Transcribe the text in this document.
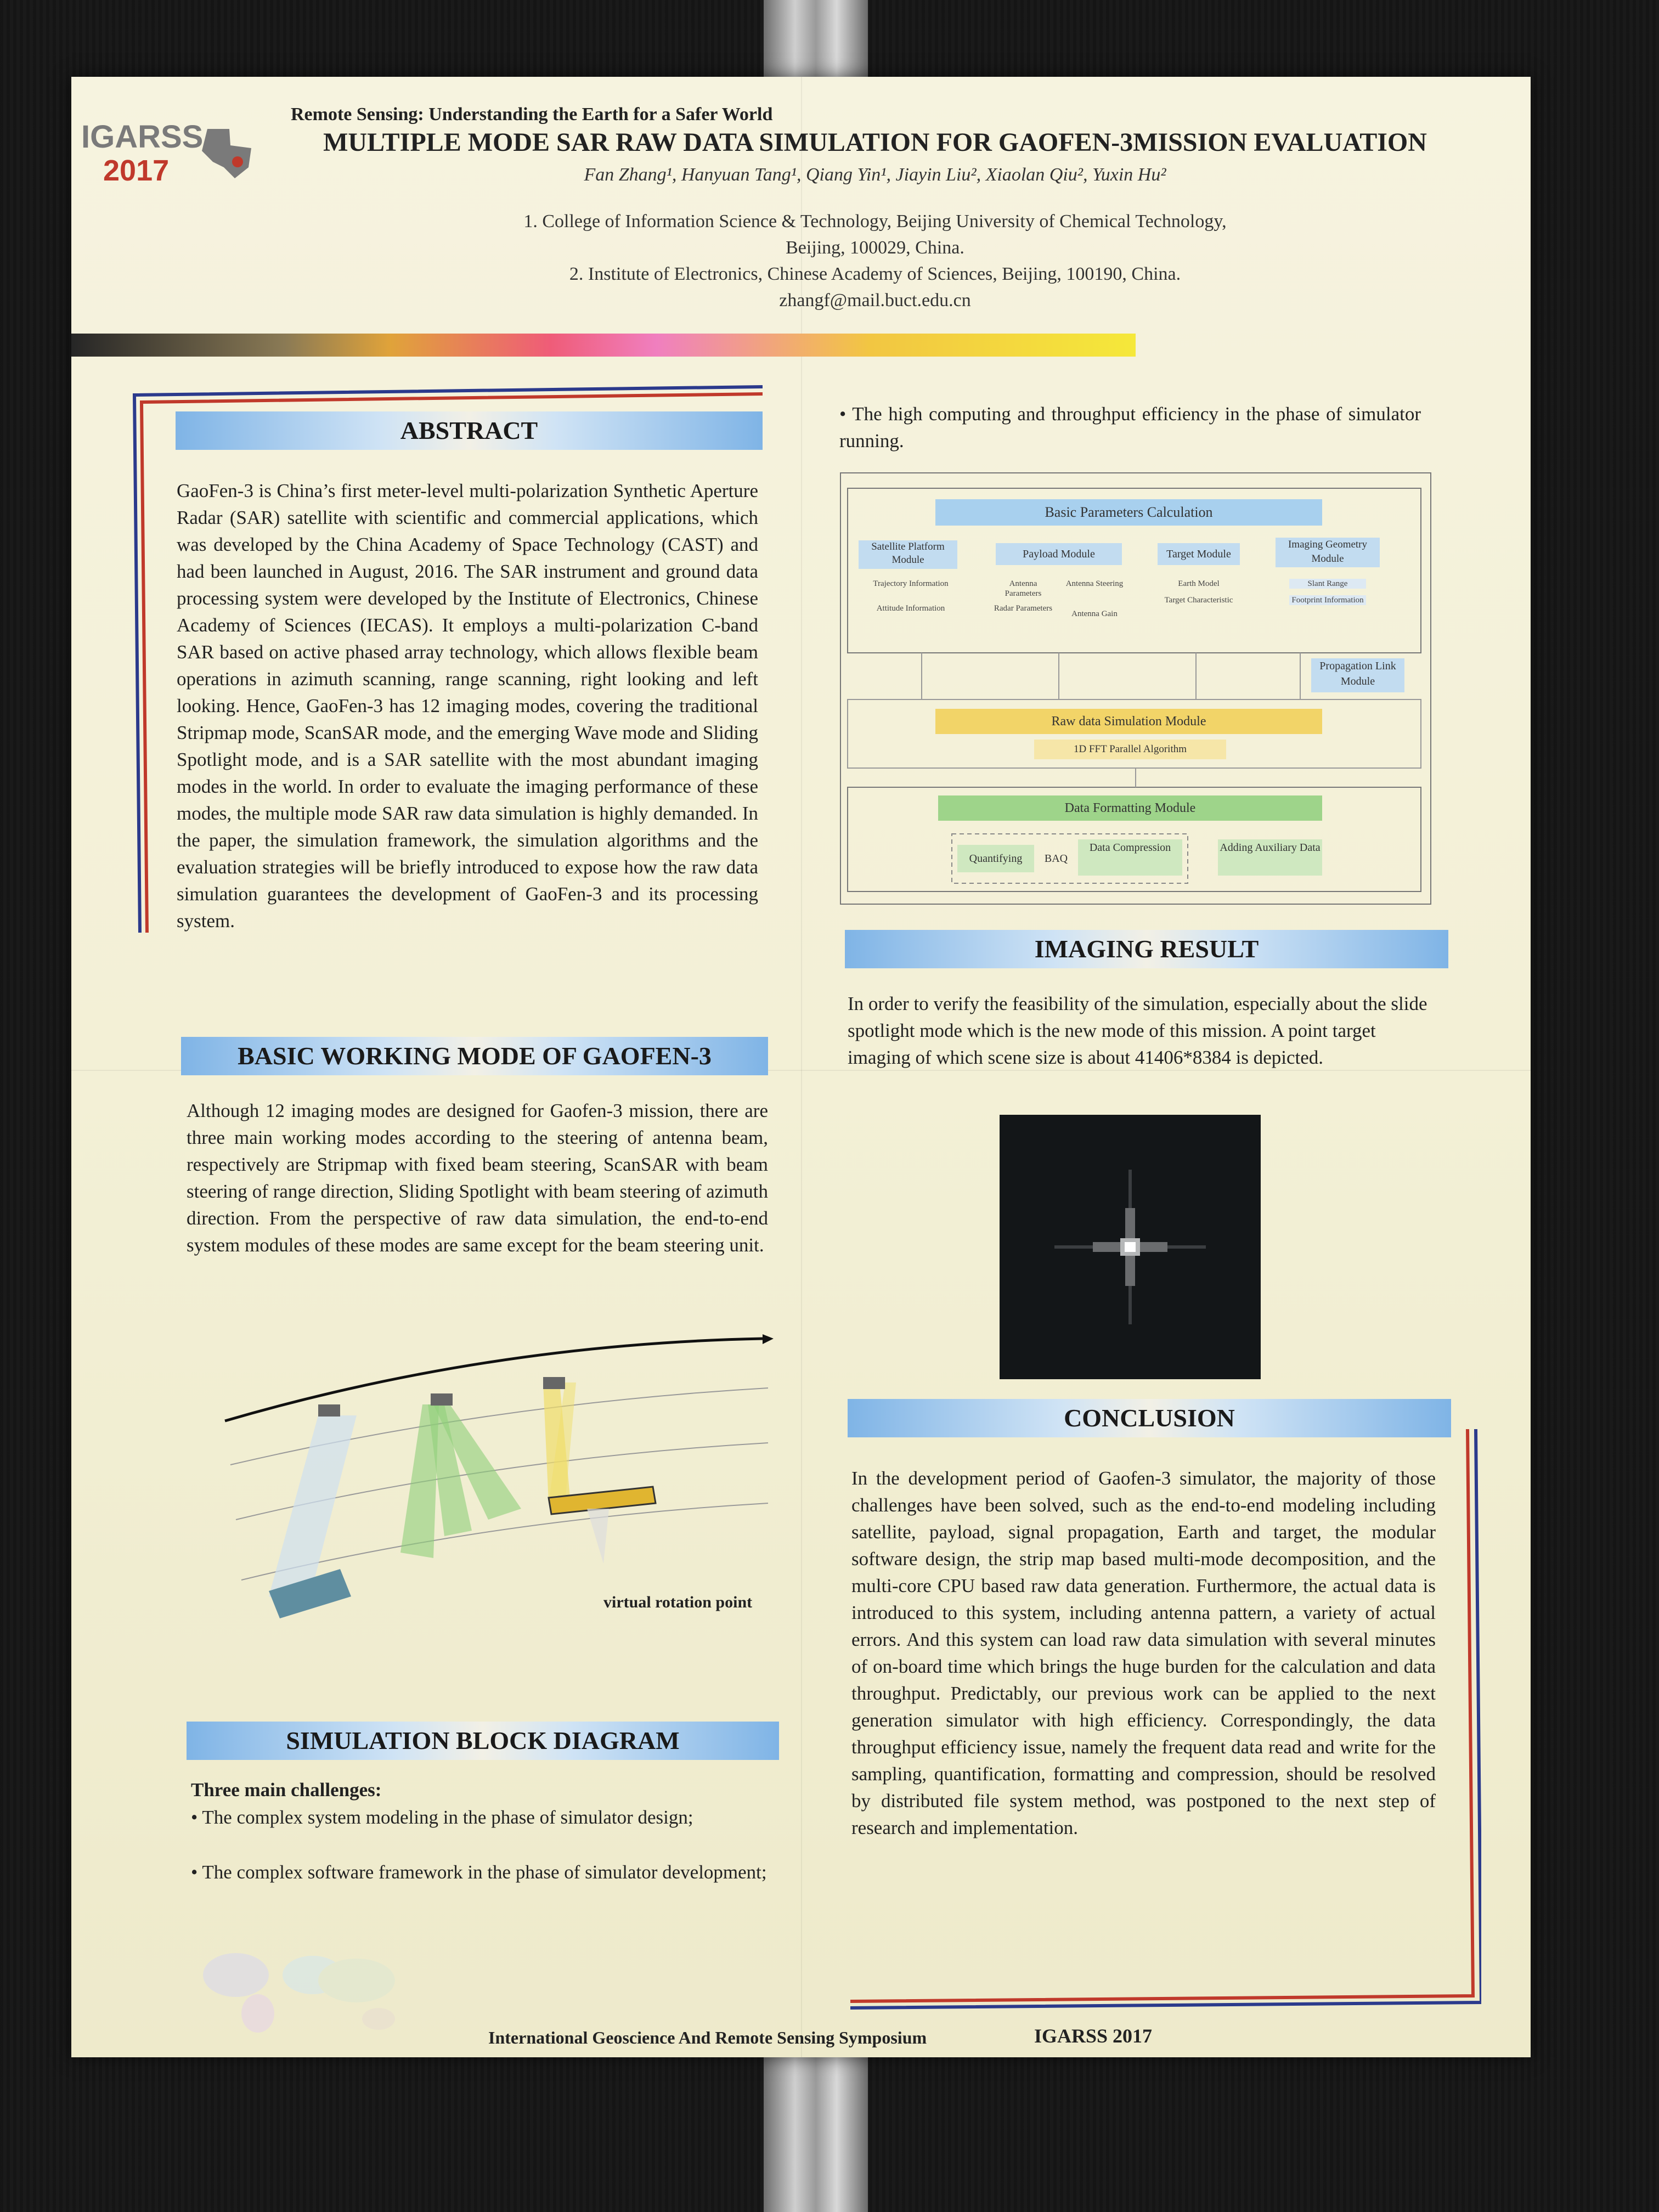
IGARSS
2017
Remote Sensing: Understanding the Earth for a Safer World
MULTIPLE MODE SAR RAW DATA SIMULATION FOR GAOFEN-3MISSION EVALUATION
Fan Zhang¹, Hanyuan Tang¹, Qiang Yin¹, Jiayin Liu², Xiaolan Qiu², Yuxin Hu²
1. College of Information Science & Technology, Beijing University of Chemical Technology,
Beijing, 100029, China.
2. Institute of Electronics, Chinese Academy of Sciences, Beijing, 100190, China.
zhangf@mail.buct.edu.cn
ABSTRACT
GaoFen-3 is China’s first meter-level multi-polarization Synthetic Aperture Radar (SAR) satellite with scientific and commercial applications, which was developed by the China Academy of Space Technology (CAST) and had been launched in August, 2016. The SAR instrument and ground data processing system were developed by the Institute of Electronics, Chinese Academy of Sciences (IECAS). It employs a multi-polarization C-band SAR based on active phased array technology, which allows flexible beam operations in azimuth scanning, range scanning, right looking and left looking. Hence, GaoFen-3 has 12 imaging modes, covering the traditional Stripmap mode, ScanSAR mode, and the emerging Wave mode and Sliding Spotlight mode, and is a SAR satellite with the most abundant imaging modes in the world. In order to evaluate the imaging performance of these modes, the multiple mode SAR raw data simulation is highly demanded. In the paper, the simulation framework, the simulation algorithms and the evaluation strategies will be briefly introduced to expose how the raw data simulation guarantees the development of GaoFen-3 and its processing system.
BASIC WORKING MODE OF GAOFEN-3
Although 12 imaging modes are designed for Gaofen-3 mission, there are three main working modes according to the steering of antenna beam, respectively are Stripmap with fixed beam steering, ScanSAR with beam steering of range direction, Sliding Spotlight with beam steering of azimuth direction. From the perspective of raw data simulation, the end-to-end system modules of these modes are same except for the beam steering unit.
virtual rotation point
SIMULATION BLOCK DIAGRAM
Three main challenges:
• The complex system modeling in the phase of simulator design;
• The complex software framework in the phase of simulator development;
• The high computing and throughput efficiency in the phase of simulator running.
Basic Parameters Calculation
Satellite Platform Module	Payload Module	Target Module
Imaging Geometry Module
Trajectory Information
Attitude Information
Antenna Parameters
Antenna Steering
Radar Parameters
Antenna Gain
Earth Model
Target Characteristic
Slant Range
Footprint Information
Propagation Link Module
Raw data Simulation Module
1D FFT Parallel Algorithm
Data Formatting Module
Quantifying	BAQ
Data Compression	Adding Auxiliary Data
IMAGING RESULT
In order to verify the feasibility of the simulation, especially about the slide spotlight mode which is the new mode of this mission. A point target imaging of which scene size is about 41406*8384 is depicted.
CONCLUSION
In the development period of Gaofen-3 simulator, the majority of those challenges have been solved, such as the end-to-end modeling including satellite, payload, signal propagation, Earth and target, the modular software design, the strip map based multi-mode decomposition, and the multi-core CPU based raw data generation. Furthermore, the actual data is introduced to this system, including antenna pattern, a variety of actual errors. And this system can load raw data simulation with several minutes of on-board time which brings the huge burden for the calculation and data throughput. Predictably, our previous work can be applied to the next generation simulator with high efficiency. Correspondingly, the data throughput efficiency issue, namely the frequent data read and write for the sampling, quantification, formatting and compression, should be resolved by distributed file system method, was postponed to the next step of research and implementation.
International Geoscience And Remote Sensing Symposium	IGARSS 2017
